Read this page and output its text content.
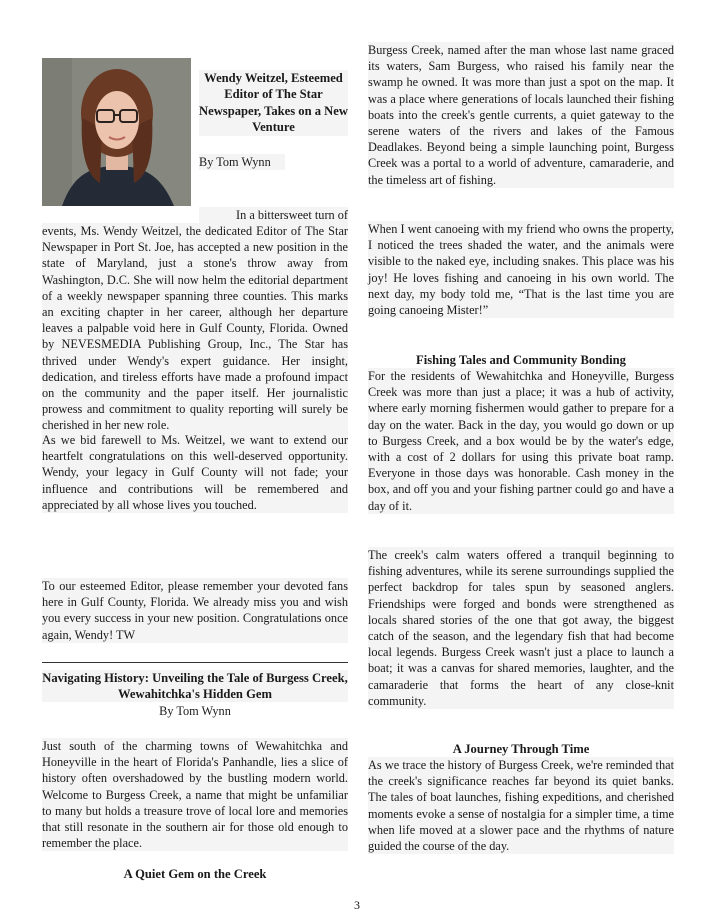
Wendy Weitzel, Esteemed Editor of The Star Newspaper, Takes on a New Venture
By Tom Wynn
In a bittersweet turn of
events, Ms. Wendy Weitzel, the dedicated Editor of The Star Newspaper in Port St. Joe, has accepted a new position in the state of Maryland, just a stone's throw away from Washington, D.C. She will now helm the editorial department of a weekly newspaper spanning three counties. This marks an exciting chapter in her career, although her departure leaves a palpable void here in Gulf County, Florida. Owned by NEVESMEDIA Publishing Group, Inc., The Star has thrived under Wendy's expert guidance. Her insight, dedication, and tireless efforts have made a profound impact on the community and the paper itself. Her journalistic prowess and commitment to quality reporting will surely be cherished in her new role.
As we bid farewell to Ms. Weitzel, we want to extend our heartfelt congratulations on this well-deserved opportunity. Wendy, your legacy in Gulf County will not fade; your influence and contributions will be remembered and appreciated by all whose lives you touched.
To our esteemed Editor, please remember your devoted fans here in Gulf County, Florida. We already miss you and wish you every success in your new position. Congratulations once again, Wendy! TW
Navigating History: Unveiling the Tale of Burgess Creek, Wewahitchka's Hidden Gem
By Tom Wynn
Just south of the charming towns of Wewahitchka and Honeyville in the heart of Florida's Panhandle, lies a slice of history often overshadowed by the bustling modern world. Welcome to Burgess Creek, a name that might be unfamiliar to many but holds a treasure trove of local lore and memories that still resonate in the southern air for those old enough to remember the place.
A Quiet Gem on the Creek
Burgess Creek, named after the man whose last name graced its waters, Sam Burgess, who raised his family near the swamp he owned. It was more than just a spot on the map. It was a place where generations of locals launched their fishing boats into the creek's gentle currents, a quiet gateway to the serene waters of the rivers and lakes of the Famous Deadlakes. Beyond being a simple launching point, Burgess Creek was a portal to a world of adventure, camaraderie, and the timeless art of fishing.
When I went canoeing with my friend who owns the property, I noticed the trees shaded the water, and the animals were visible to the naked eye, including snakes. This place was his joy! He loves fishing and canoeing in his own world. The next day, my body told me, “That is the last time you are going canoeing Mister!”
Fishing Tales and Community Bonding
For the residents of Wewahitchka and Honeyville, Burgess Creek was more than just a place; it was a hub of activity, where early morning fishermen would gather to prepare for a day on the water. Back in the day, you would go down or up to Burgess Creek, and a box would be by the water's edge, with a cost of 2 dollars for using this private boat ramp. Everyone in those days was honorable. Cash money in the box, and off you and your fishing partner could go and have a day of it.
The creek's calm waters offered a tranquil beginning to fishing adventures, while its serene surroundings supplied the perfect backdrop for tales spun by seasoned anglers. Friendships were forged and bonds were strengthened as locals shared stories of the one that got away, the biggest catch of the season, and the legendary fish that had become local legends. Burgess Creek wasn't just a place to launch a boat; it was a canvas for shared memories, laughter, and the camaraderie that forms the heart of any close-knit community.
A Journey Through Time
As we trace the history of Burgess Creek, we're reminded that the creek's significance reaches far beyond its quiet banks. The tales of boat launches, fishing expeditions, and cherished moments evoke a sense of nostalgia for a simpler time, a time when life moved at a slower pace and the rhythms of nature guided the course of the day.
3
